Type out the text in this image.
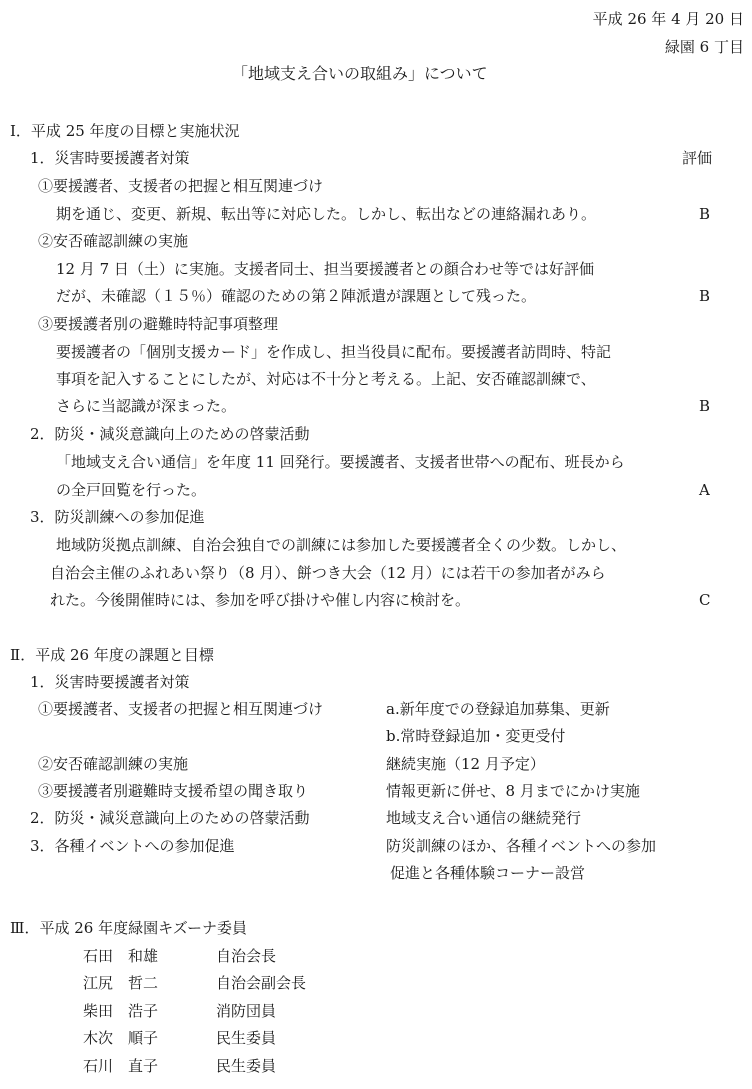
平成 26 年 4 月 20 日
緑園 6 丁目
「地域支え合いの取組み」について
Ⅰ．平成 25 年度の目標と実施状況
1．災害時要援護者対策	評価
①要援護者、支援者の把握と相互関連づけ
期を通じ、変更、新規、転出等に対応した。しかし、転出などの連絡漏れあり。	B
②安否確認訓練の実施
12 月 7 日（土）に実施。支援者同士、担当要援護者との顔合わせ等では好評価
だが、未確認（１５％）確認のための第２陣派遣が課題として残った。	B
③要援護者別の避難時特記事項整理
要援護者の「個別支援カード」を作成し、担当役員に配布。要援護者訪問時、特記
事項を記入することにしたが、対応は不十分と考える。上記、安否確認訓練で、
さらに当認識が深まった。	B
2．防災・減災意識向上のための啓蒙活動
「地域支え合い通信」を年度 11 回発行。要援護者、支援者世帯への配布、班長から
の全戸回覧を行った。	A
3．防災訓練への参加促進
地域防災拠点訓練、自治会独自での訓練には参加した要援護者全くの少数。しかし、
自治会主催のふれあい祭り（8 月）、餅つき大会（12 月）には若干の参加者がみら
れた。今後開催時には、参加を呼び掛けや催し内容に検討を。	C
Ⅱ．平成 26 年度の課題と目標
1．災害時要援護者対策
①要援護者、支援者の把握と相互関連づけ	a.新年度での登録追加募集、更新
b.常時登録追加・変更受付
②安否確認訓練の実施	継続実施（12 月予定）
③要援護者別避難時支援希望の聞き取り	情報更新に併せ、8 月までにかけ実施
2．防災・減災意識向上のための啓蒙活動	地域支え合い通信の継続発行
3．各種イベントへの参加促進	防災訓練のほか、各種イベントへの参加
促進と各種体験コーナー設営
Ⅲ．平成 26 年度緑園キズーナ委員
石田　和雄	自治会長
江尻　哲二	自治会副会長
柴田　浩子	消防団員
木次　順子	民生委員
石川　直子	民生委員
